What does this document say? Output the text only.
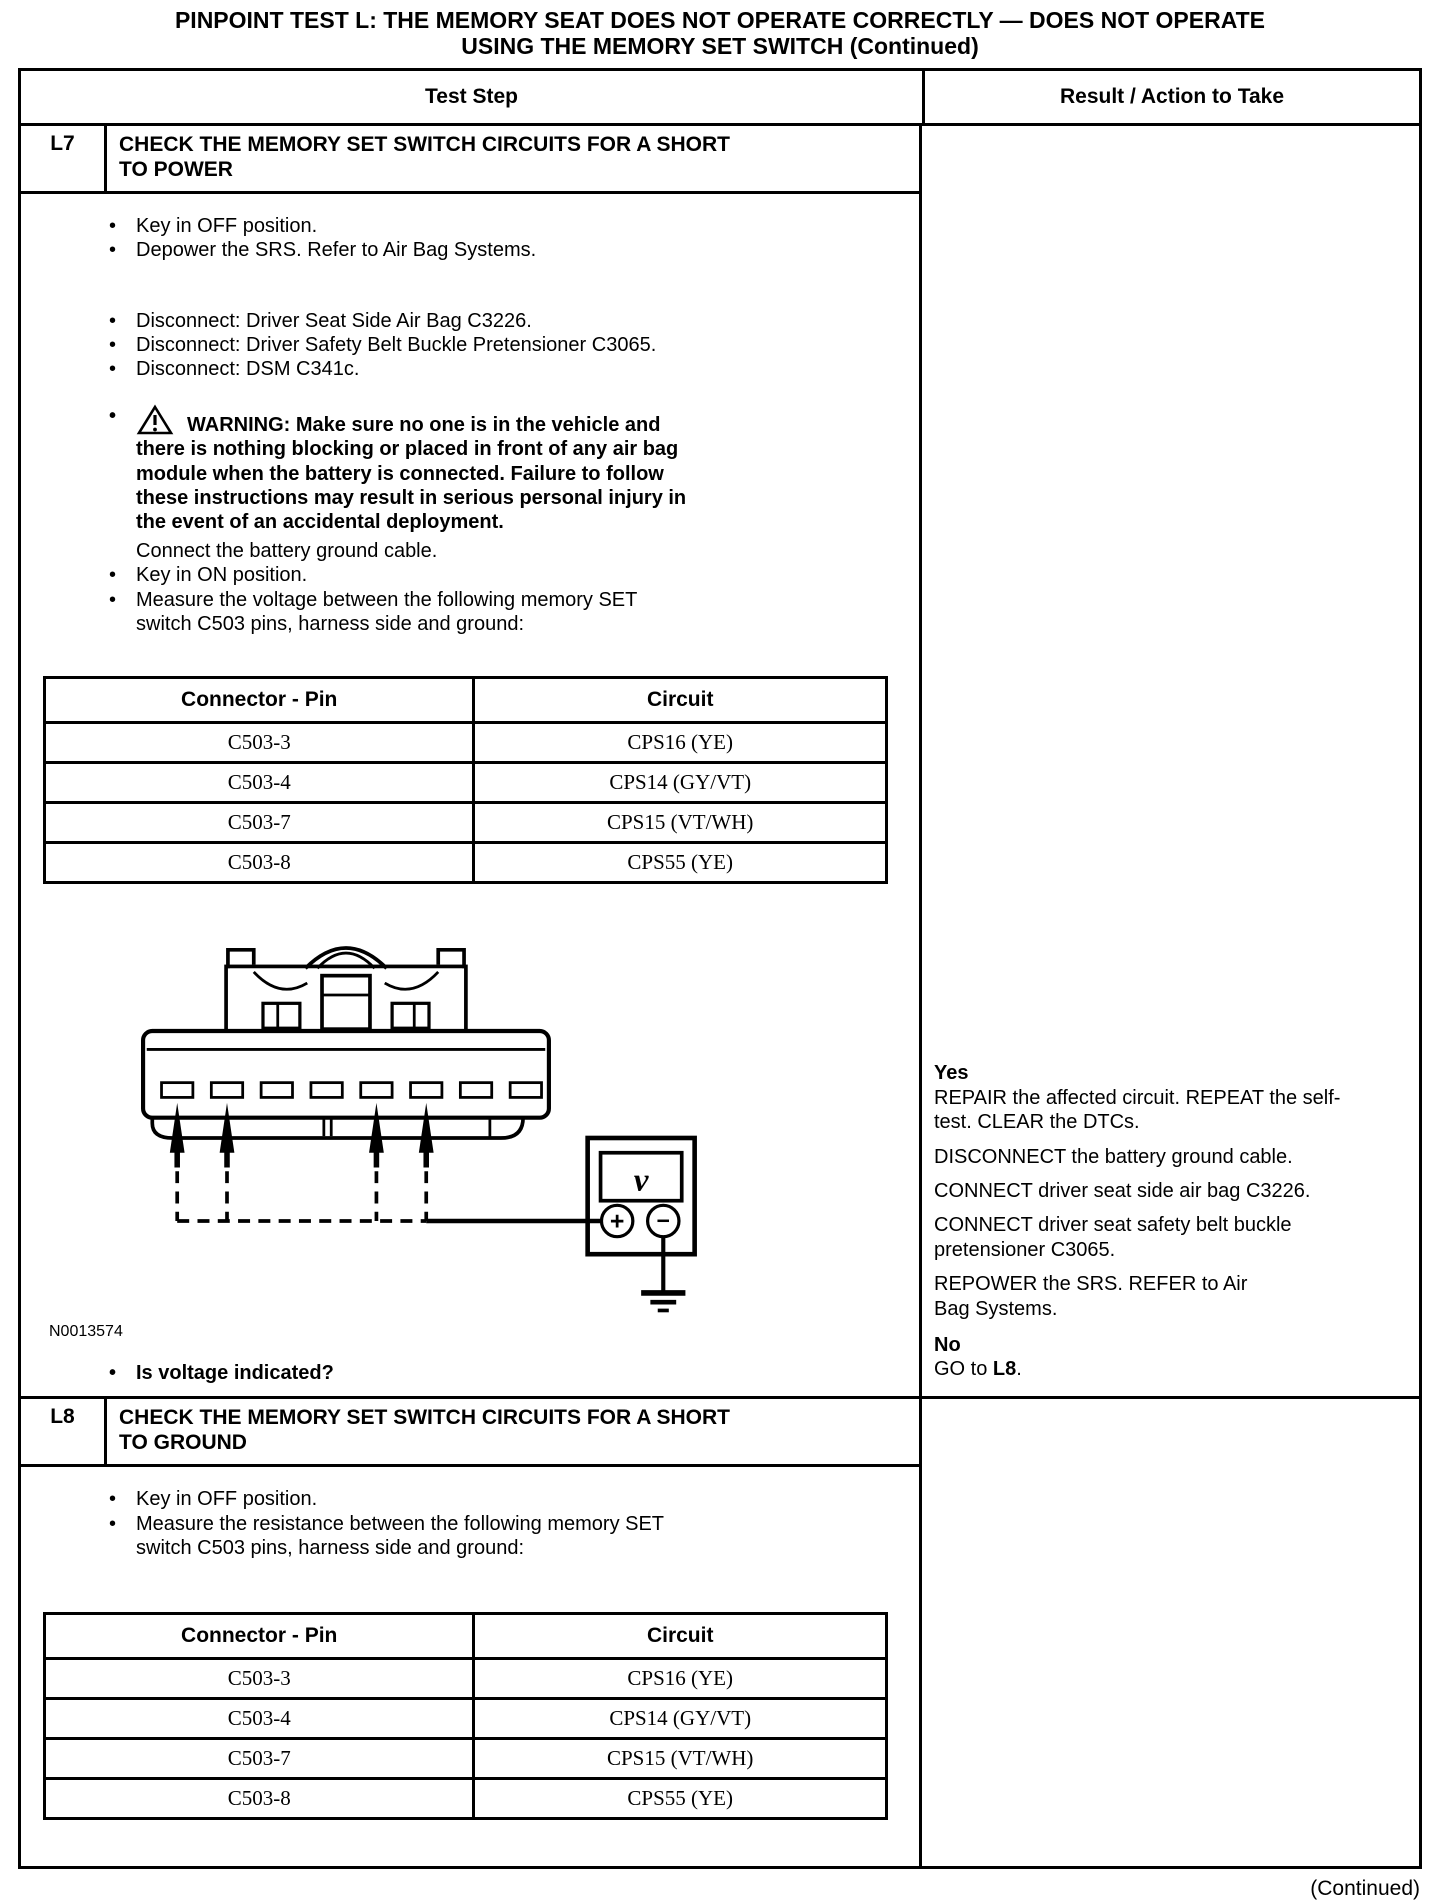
PINPOINT TEST L: THE MEMORY SEAT DOES NOT OPERATE CORRECTLY — DOES NOT OPERATE
USING THE MEMORY SET SWITCH (Continued)
Test Step	Result / Action to Take
L7	CHECK THE MEMORY SET SWITCH CIRCUITS FOR A SHORT TO POWER
• Key in OFF position.
• Depower the SRS. Refer to Air Bag Systems.
• Disconnect: Driver Seat Side Air Bag C3226.
• Disconnect: Driver Safety Belt Buckle Pretensioner C3065.
• Disconnect: DSM C341c.
• WARNING: Make sure no one is in the vehicle and there is nothing blocking or placed in front of any air bag module when the battery is connected. Failure to follow these instructions may result in serious personal injury in the event of an accidental deployment.
Connect the battery ground cable.
• Key in ON position.
• Measure the voltage between the following memory SET switch C503 pins, harness side and ground:
Connector - Pin	Circuit
C503-3	CPS16 (YE)
C503-4	CPS14 (GY/VT)
C503-7	CPS15 (VT/WH)
C503-8	CPS55 (YE)
ν
+ −
N0013574
• Is voltage indicated?
Yes

REPAIR the affected circuit. REPEAT the self-test. CLEAR the DTCs.

DISCONNECT the battery ground cable.

CONNECT driver seat side air bag C3226.

CONNECT driver seat safety belt buckle pretensioner C3065.

REPOWER the SRS. REFER to Air Bag Systems.

No
GO to L8.
L8	CHECK THE MEMORY SET SWITCH CIRCUITS FOR A SHORT TO GROUND
• Key in OFF position.
• Measure the resistance between the following memory SET switch C503 pins, harness side and ground:
Connector - Pin	Circuit
C503-3	CPS16 (YE)
C503-4	CPS14 (GY/VT)
C503-7	CPS15 (VT/WH)
C503-8	CPS55 (YE)
(Continued)
